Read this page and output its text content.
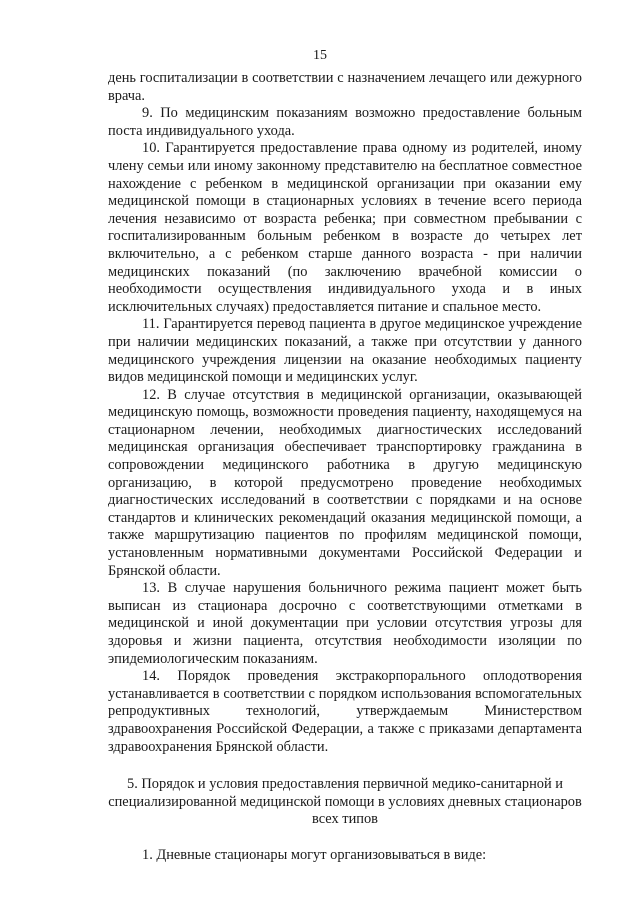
15

день госпитализации в соответствии с назначением лечащего или дежурного врача.

9. По медицинским показаниям возможно предоставление больным поста индивидуального ухода.

10. Гарантируется предоставление права одному из родителей, иному члену семьи или иному законному представителю на бесплатное совместное нахождение с ребенком в медицинской организации при оказании ему медицинской помощи в стационарных условиях в течение всего периода лечения независимо от возраста ребенка; при совместном пребывании с госпитализированным больным ребенком в возрасте до четырех лет включительно, а с ребенком старше данного возраста - при наличии медицинских показаний (по заключению врачебной комиссии о необходимости осуществления индивидуального ухода и в иных исключительных случаях) предоставляется питание и спальное место.

11. Гарантируется перевод пациента в другое медицинское учреждение при наличии медицинских показаний, а также при отсутствии у данного медицинского учреждения лицензии на оказание необходимых пациенту видов медицинской помощи и медицинских услуг.

12. В случае отсутствия в медицинской организации, оказывающей медицинскую помощь, возможности проведения пациенту, находящемуся на стационарном лечении, необходимых диагностических исследований медицинская организация обеспечивает транспортировку гражданина в сопровождении медицинского работника в другую медицинскую организацию, в которой предусмотрено проведение необходимых диагностических исследований в соответствии с порядками и на основе стандартов и клинических рекомендаций оказания медицинской помощи, а также маршрутизацию пациентов по профилям медицинской помощи, установленным нормативными документами Российской Федерации и Брянской области.

13. В случае нарушения больничного режима пациент может быть выписан из стационара досрочно с соответствующими отметками в медицинской и иной документации при условии отсутствия угрозы для здоровья и жизни пациента, отсутствия необходимости изоляции по эпидемиологическим показаниям.

14. Порядок проведения экстракорпорального оплодотворения устанавливается в соответствии с порядком использования вспомогательных репродуктивных технологий, утверждаемым Министерством здравоохранения Российской Федерации, а также с приказами департамента здравоохранения Брянской области.

5. Порядок и условия предоставления первичной медико-санитарной и специализированной медицинской помощи в условиях дневных стационаров всех типов

1. Дневные стационары могут организовываться в виде:
